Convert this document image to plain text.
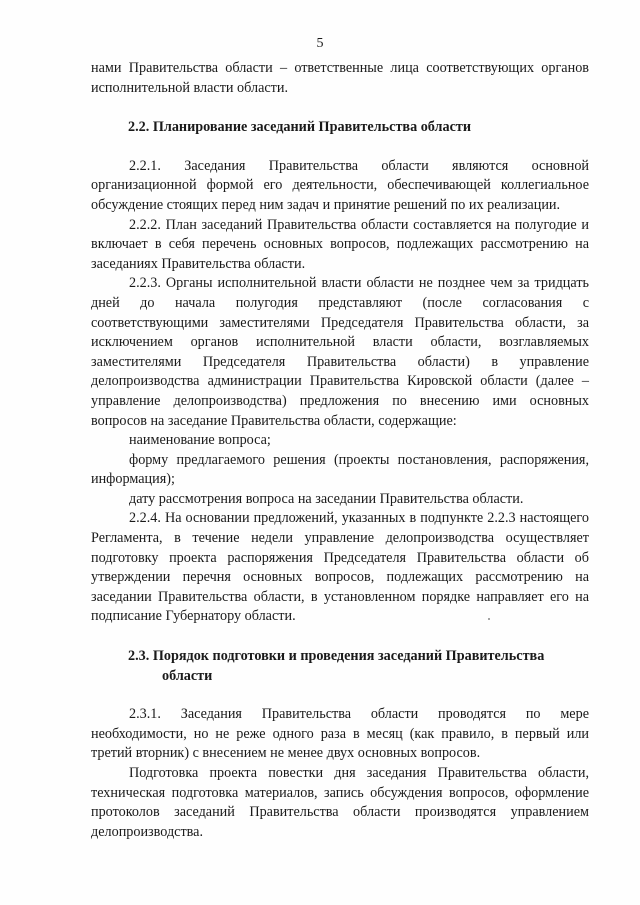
5

нами Правительства области – ответственные лица соответствующих органов исполнительной власти области.

2.2. Планирование заседаний Правительства области

2.2.1. Заседания Правительства области являются основной организационной формой его деятельности, обеспечивающей коллегиальное обсуждение стоящих перед ним задач и принятие решений по их реализации.

2.2.2. План заседаний Правительства области составляется на полугодие и включает в себя перечень основных вопросов, подлежащих рассмотрению на заседаниях Правительства области.

2.2.3. Органы исполнительной власти области не позднее чем за тридцать дней до начала полугодия представляют (после согласования с соответствующими заместителями Председателя Правительства области, за исключением органов исполнительной власти области, возглавляемых заместителями Председателя Правительства области) в управление делопроизводства администрации Правительства Кировской области (далее – управление делопроизводства) предложения по внесению ими основных вопросов на заседание Правительства области, содержащие:

наименование вопроса;

форму предлагаемого решения (проекты постановления, распоряжения, информация);

дату рассмотрения вопроса на заседании Правительства области.

2.2.4. На основании предложений, указанных в подпункте 2.2.3 настоящего Регламента, в течение недели управление делопроизводства осуществляет подготовку проекта распоряжения Председателя Правительства области об утверждении перечня основных вопросов, подлежащих рассмотрению на заседании Правительства области, в установленном порядке направляет его на подписание Губернатору области.

2.3. Порядок подготовки и проведения заседаний Правительства
области

2.3.1. Заседания Правительства области проводятся по мере необходимости, но не реже одного раза в месяц (как правило, в первый или третий вторник) с внесением не менее двух основных вопросов.

Подготовка проекта повестки дня заседания Правительства области, техническая подготовка материалов, запись обсуждения вопросов, оформление протоколов заседаний Правительства области производятся управлением делопроизводства.
